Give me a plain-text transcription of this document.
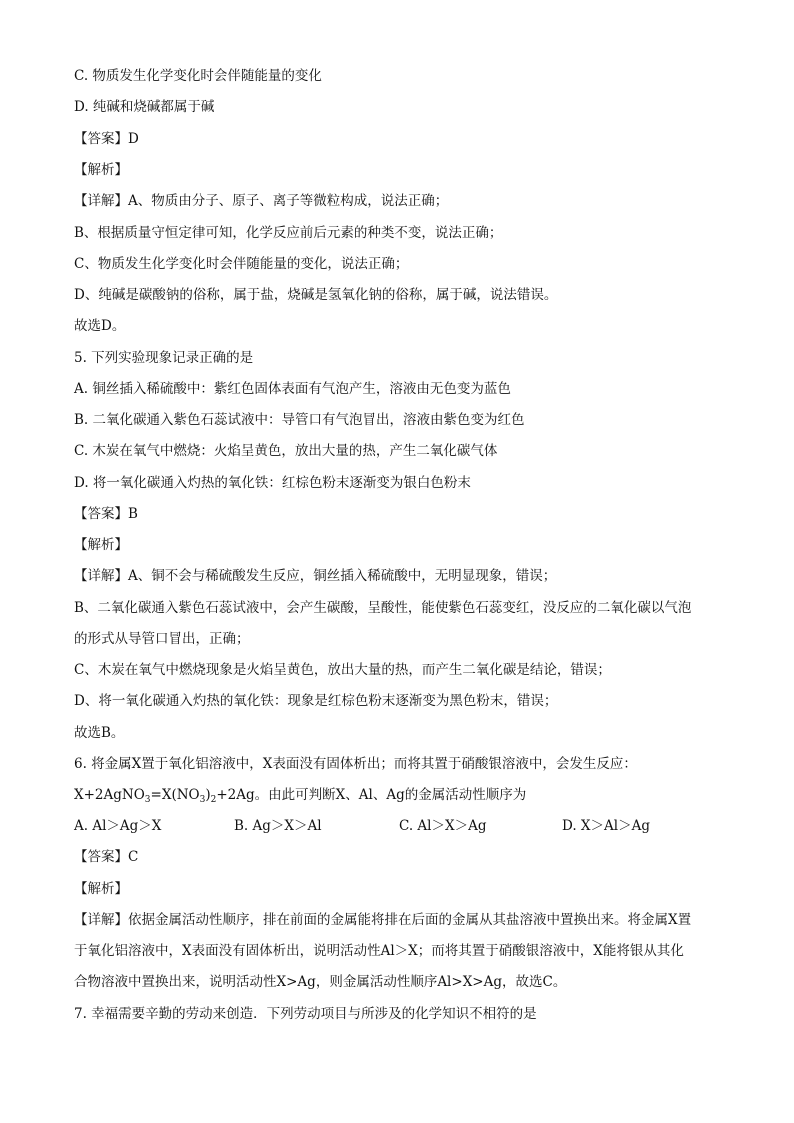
C. 物质发生化学变化时会伴随能量的变化
D. 纯碱和烧碱都属于碱
【答案】D
【解析】
【详解】A、物质由分子、原子、离子等微粒构成，说法正确；
B、根据质量守恒定律可知，化学反应前后元素的种类不变，说法正确；
C、物质发生化学变化时会伴随能量的变化，说法正确；
D、纯碱是碳酸钠的俗称，属于盐，烧碱是氢氧化钠的俗称，属于碱，说法错误。
故选D。
5. 下列实验现象记录正确的是
A. 铜丝插入稀硫酸中：紫红色固体表面有气泡产生，溶液由无色变为蓝色
B. 二氧化碳通入紫色石蕊试液中：导管口有气泡冒出，溶液由紫色变为红色
C. 木炭在氧气中燃烧：火焰呈黄色，放出大量的热，产生二氧化碳气体
D. 将一氧化碳通入灼热的氧化铁：红棕色粉末逐渐变为银白色粉末
【答案】B
【解析】
【详解】A、铜不会与稀硫酸发生反应，铜丝插入稀硫酸中，无明显现象，错误；
B、二氧化碳通入紫色石蕊试液中，会产生碳酸，呈酸性，能使紫色石蕊变红，没反应的二氧化碳以气泡
的形式从导管口冒出，正确；
C、木炭在氧气中燃烧现象是火焰呈黄色，放出大量的热，而产生二氧化碳是结论，错误；
D、将一氧化碳通入灼热的氧化铁：现象是红棕色粉末逐渐变为黑色粉末，错误；
故选B。
6. 将金属X置于氧化铝溶液中，X表面没有固体析出；而将其置于硝酸银溶液中，会发生反应：
$X+2AgNO_3=X(NO_3)_2+2Ag$。由此可判断X、Al、Ag的金属活动性顺序为
A. Al＞Ag＞X	B. Ag＞X＞Al	C. Al＞X＞Ag	D. X＞Al＞Ag
【答案】C
【解析】
【详解】依据金属活动性顺序，排在前面的金属能将排在后面的金属从其盐溶液中置换出来。将金属X置
于氧化铝溶液中，X表面没有固体析出，说明活动性Al＞X；而将其置于硝酸银溶液中，X能将银从其化
合物溶液中置换出来，说明活动性X>Ag，则金属活动性顺序Al>X>Ag，故选C。
7. 幸福需要辛勤的劳动来创造．下列劳动项目与所涉及的化学知识不相符的是
